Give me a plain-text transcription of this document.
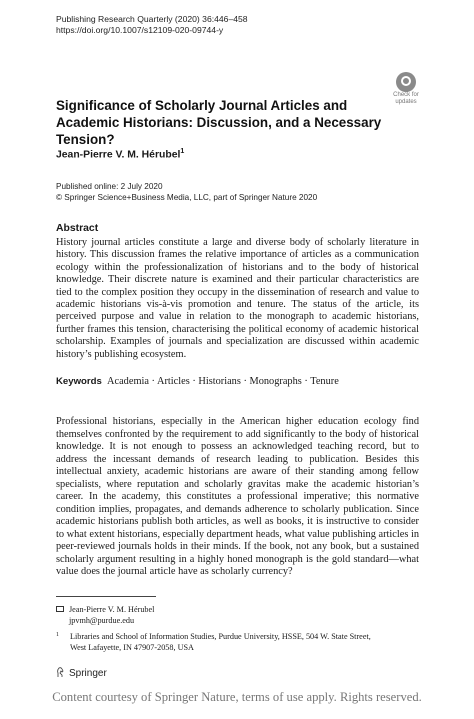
Publishing Research Quarterly (2020) 36:446–458
https://doi.org/10.1007/s12109-020-09744-y
Check for
updates
Significance of Scholarly Journal Articles and Academic Historians: Discussion, and a Necessary Tension?
Jean-Pierre V. M. Hérubel$^1$
Published online: 2 July 2020
© Springer Science+Business Media, LLC, part of Springer Nature 2020
Abstract
History journal articles constitute a large and diverse body of scholarly literature in history. This discussion frames the relative importance of articles as a communication ecology within the professionalization of historians and to the body of historical knowledge. Their discrete nature is examined and their particular characteristics are tied to the complex position they occupy in the dissemination of research and value to academic historians vis-à-vis promotion and tenure. The status of the article, its perceived purpose and value in relation to the monograph to academic historians, further frames this tension, characterising the political economy of academic historical scholarship. Examples of journals and specialization are discussed within academic history’s publishing ecosystem.
Keywords Academia · Articles · Historians · Monographs · Tenure
Professional historians, especially in the American higher education ecology find themselves confronted by the requirement to add significantly to the body of historical knowledge. It is not enough to possess an acknowledged teaching record, but to address the incessant demands of research leading to publication. Besides this intellectual anxiety, academic historians are aware of their standing among fellow specialists, where reputation and scholarly gravitas make the academic historian’s career. In the academy, this constitutes a professional imperative; this normative condition implies, propagates, and demands adherence to scholarly publication. Since academic historians publish both articles, as well as books, it is instructive to consider to what extent historians, especially department heads, what value publishing articles in peer-reviewed journals holds in their minds. If the book, not any book, but a sustained scholarly argument resulting in a highly honed monograph is the gold standard—what value does the journal article have as scholarly currency?
Jean-Pierre V. M. Hérubel
jpvmh@purdue.edu
1 Libraries and School of Information Studies, Purdue University, HSSE, 504 W. State Street,
West Lafayette, IN 47907-2058, USA
Springer
Content courtesy of Springer Nature, terms of use apply. Rights reserved.
